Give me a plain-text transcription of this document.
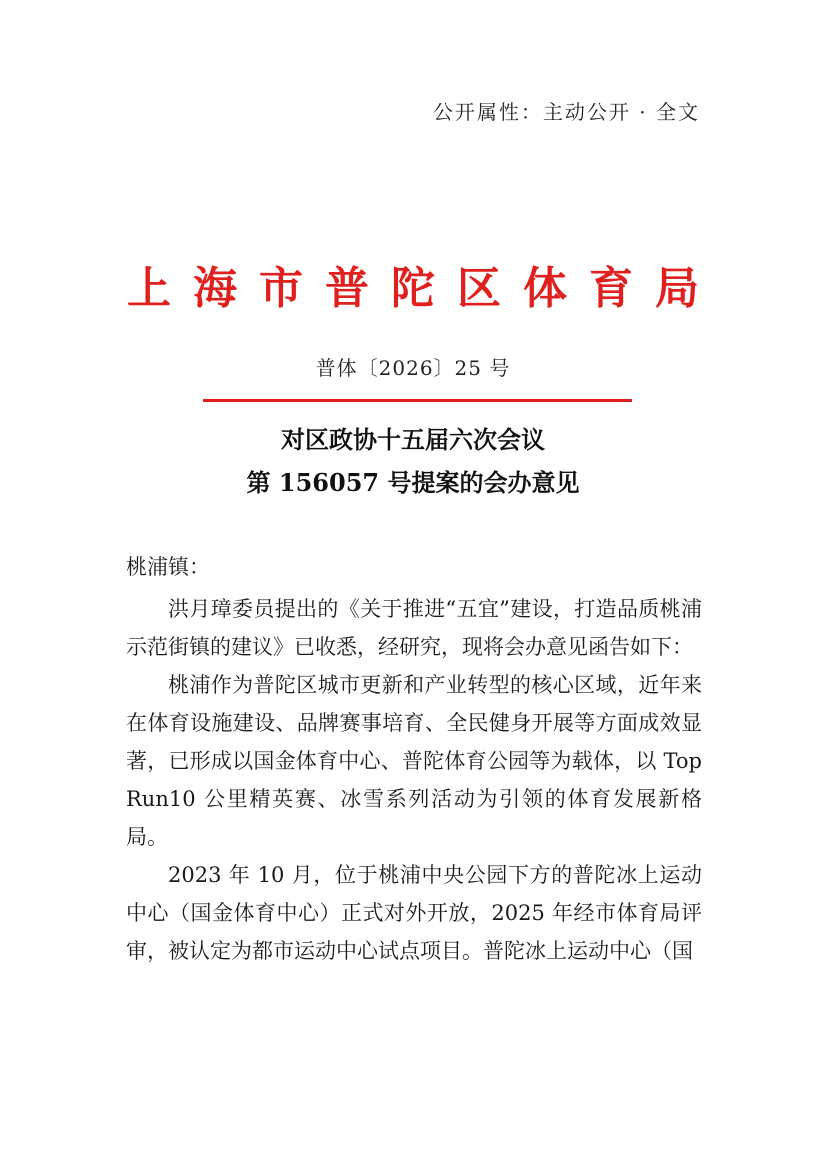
公开属性：主动公开 · 全文
上海市普陀区体育局
普体〔2026〕25 号
对区政协十五届六次会议
第 156057 号提案的会办意见

桃浦镇：

洪月璋委员提出的《关于推进“五宜”建设，打造品质桃浦示范街镇的建议》已收悉，经研究，现将会办意见函告如下：

桃浦作为普陀区城市更新和产业转型的核心区域，近年来在体育设施建设、品牌赛事培育、全民健身开展等方面成效显著，已形成以国金体育中心、普陀体育公园等为载体，以 Top Run10 公里精英赛、冰雪系列活动为引领的体育发展新格局。

2023 年 10 月，位于桃浦中央公园下方的普陀冰上运动中心（国金体育中心）正式对外开放，2025 年经市体育局评审，被认定为都市运动中心试点项目。普陀冰上运动中心（国
